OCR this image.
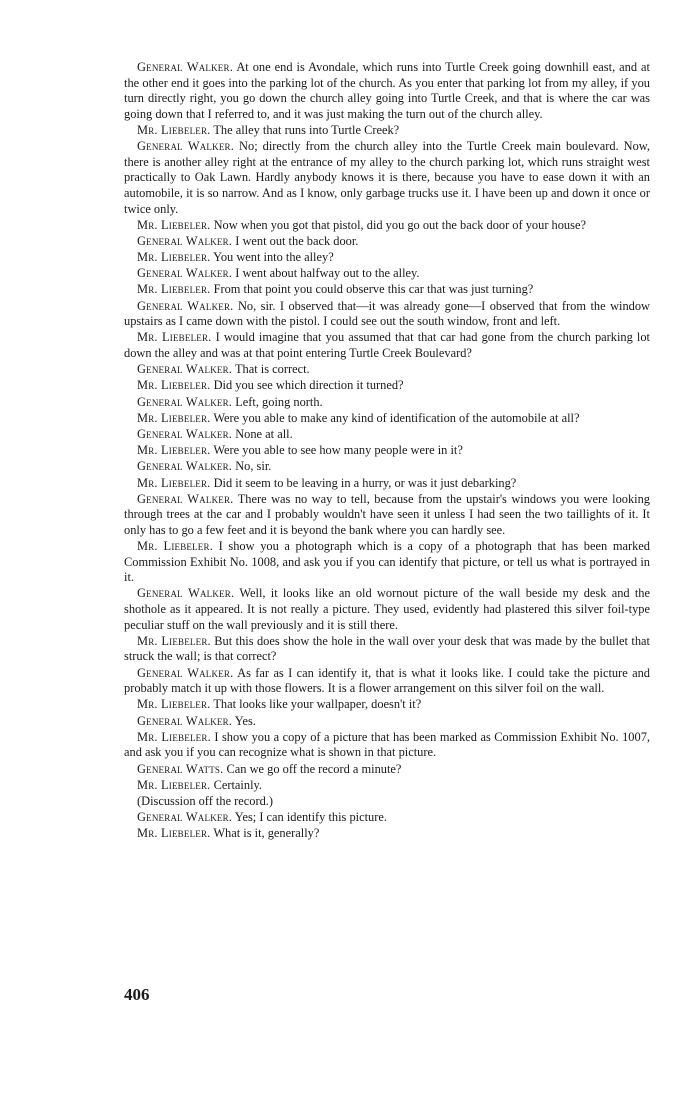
General Walker. At one end is Avondale, which runs into Turtle Creek going downhill east, and at the other end it goes into the parking lot of the church. As you enter that parking lot from my alley, if you turn directly right, you go down the church alley going into Turtle Creek, and that is where the car was going down that I referred to, and it was just making the turn out of the church alley.

Mr. Liebeler. The alley that runs into Turtle Creek?

General Walker. No; directly from the church alley into the Turtle Creek main boulevard. Now, there is another alley right at the entrance of my alley to the church parking lot, which runs straight west practically to Oak Lawn. Hardly anybody knows it is there, because you have to ease down it with an automobile, it is so narrow. And as I know, only garbage trucks use it. I have been up and down it once or twice only.

Mr. Liebeler. Now when you got that pistol, did you go out the back door of your house?

General Walker. I went out the back door.

Mr. Liebeler. You went into the alley?

General Walker. I went about halfway out to the alley.

Mr. Liebeler. From that point you could observe this car that was just turning?

General Walker. No, sir. I observed that—it was already gone—I observed that from the window upstairs as I came down with the pistol. I could see out the south window, front and left.

Mr. Liebeler. I would imagine that you assumed that that car had gone from the church parking lot down the alley and was at that point entering Turtle Creek Boulevard?

General Walker. That is correct.

Mr. Liebeler. Did you see which direction it turned?

General Walker. Left, going north.

Mr. Liebeler. Were you able to make any kind of identification of the automobile at all?

General Walker. None at all.

Mr. Liebeler. Were you able to see how many people were in it?

General Walker. No, sir.

Mr. Liebeler. Did it seem to be leaving in a hurry, or was it just debarking?

General Walker. There was no way to tell, because from the upstair's windows you were looking through trees at the car and I probably wouldn't have seen it unless I had seen the two taillights of it. It only has to go a few feet and it is beyond the bank where you can hardly see.

Mr. Liebeler. I show you a photograph which is a copy of a photograph that has been marked Commission Exhibit No. 1008, and ask you if you can identify that picture, or tell us what is portrayed in it.

General Walker. Well, it looks like an old wornout picture of the wall beside my desk and the shothole as it appeared. It is not really a picture. They used, evidently had plastered this silver foil-type peculiar stuff on the wall previously and it is still there.

Mr. Liebeler. But this does show the hole in the wall over your desk that was made by the bullet that struck the wall; is that correct?

General Walker. As far as I can identify it, that is what it looks like. I could take the picture and probably match it up with those flowers. It is a flower arrangement on this silver foil on the wall.

Mr. Liebeler. That looks like your wallpaper, doesn't it?

General Walker. Yes.

Mr. Liebeler. I show you a copy of a picture that has been marked as Commission Exhibit No. 1007, and ask you if you can recognize what is shown in that picture.

General Watts. Can we go off the record a minute?

Mr. Liebeler. Certainly.

(Discussion off the record.)

General Walker. Yes; I can identify this picture.

Mr. Liebeler. What is it, generally?

406
